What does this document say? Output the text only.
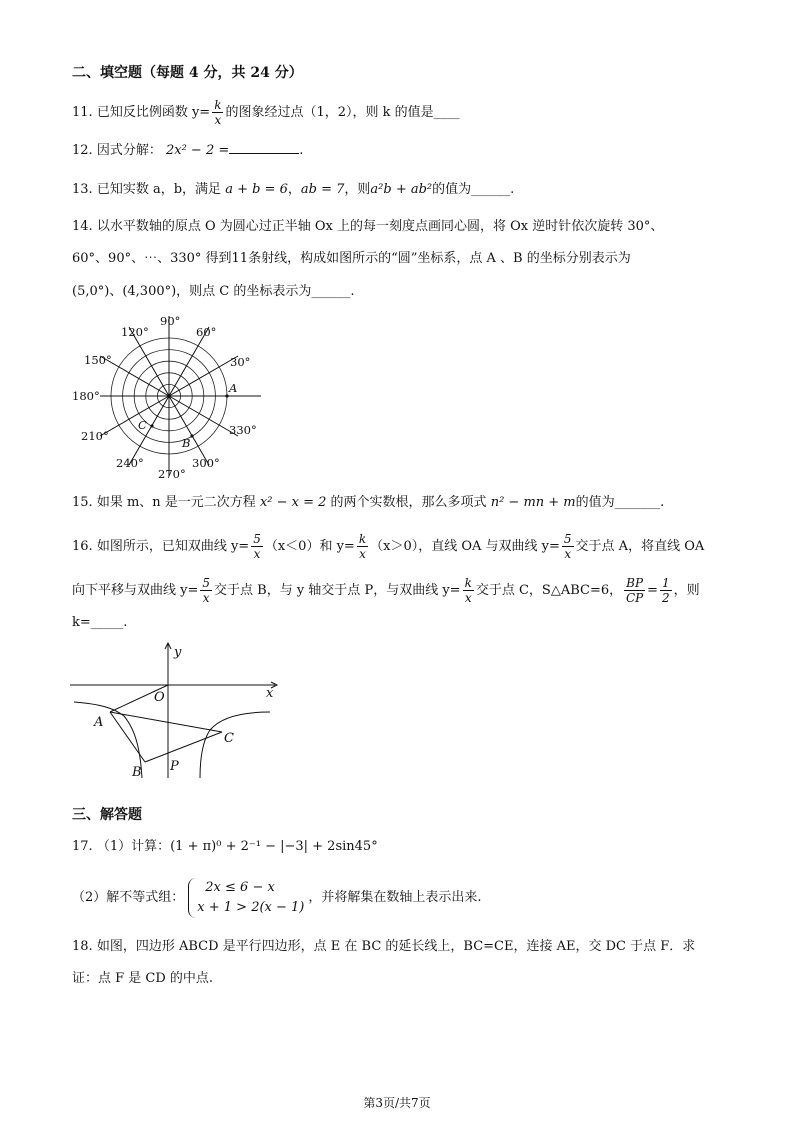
二、填空题（每题 4 分，共 24 分）
11. 已知反比例函数 $y= \frac{k}{x}$ 的图象经过点（1，2），则 k 的值是____
12. 因式分解： 2x² − 2 =	.
13. 已知实数 a，b，满足 a + b = 6，ab = 7，则a²b + ab²的值为______.
14. 以水平数轴的原点 O 为圆心过正半轴 Ox 上的每一刻度点画同心圆，将 Ox 逆时针依次旋转 30°、
60°、90°、⋯、330° 得到11条射线，构成如图所示的“圆”坐标系，点 A 、B 的坐标分别表示为
(5,0°)、(4,300°)，则点 C 的坐标表示为______.
A
30°
60°
90°
120°
150°
180°
210°
240°
270°
300°
330°
B
C
15. 如果 m、n 是一元二次方程 x² − x = 2 的两个实数根，那么多项式 n² − mn + m的值为_______.
16. 如图所示，已知双曲线 $y= \frac{5}{x} (x<0)$和 $y= \frac{k}{x} (x>0)$，直线 OA 与双曲线 $y= \frac{5}{x}$ 交于点 A，将直线 OA
向下平移与双曲线 $y= \frac{5}{x}$ 交于点 B，与 y 轴交于点 P，与双曲线 $y= \frac{k}{x}$ 交于点 C，S△ABC=6， $\frac{BP}{CP} = \frac{1}{2}$ ，则
k=_____.
y
x
O
A
B
C
P
三、解答题
17. （1）计算：(1 + π)⁰ + 2⁻¹ − |−3| + 2sin45°
（2）解不等式组：
2x ≤ 6 − x
x + 1 > 2(x − 1)
，并将解集在数轴上表示出来.
18. 如图，四边形 ABCD 是平行四边形，点 E 在 BC 的延长线上，BC=CE，连接 AE，交 DC 于点 F．求
证：点 F 是 CD 的中点.
第3页/共7页
